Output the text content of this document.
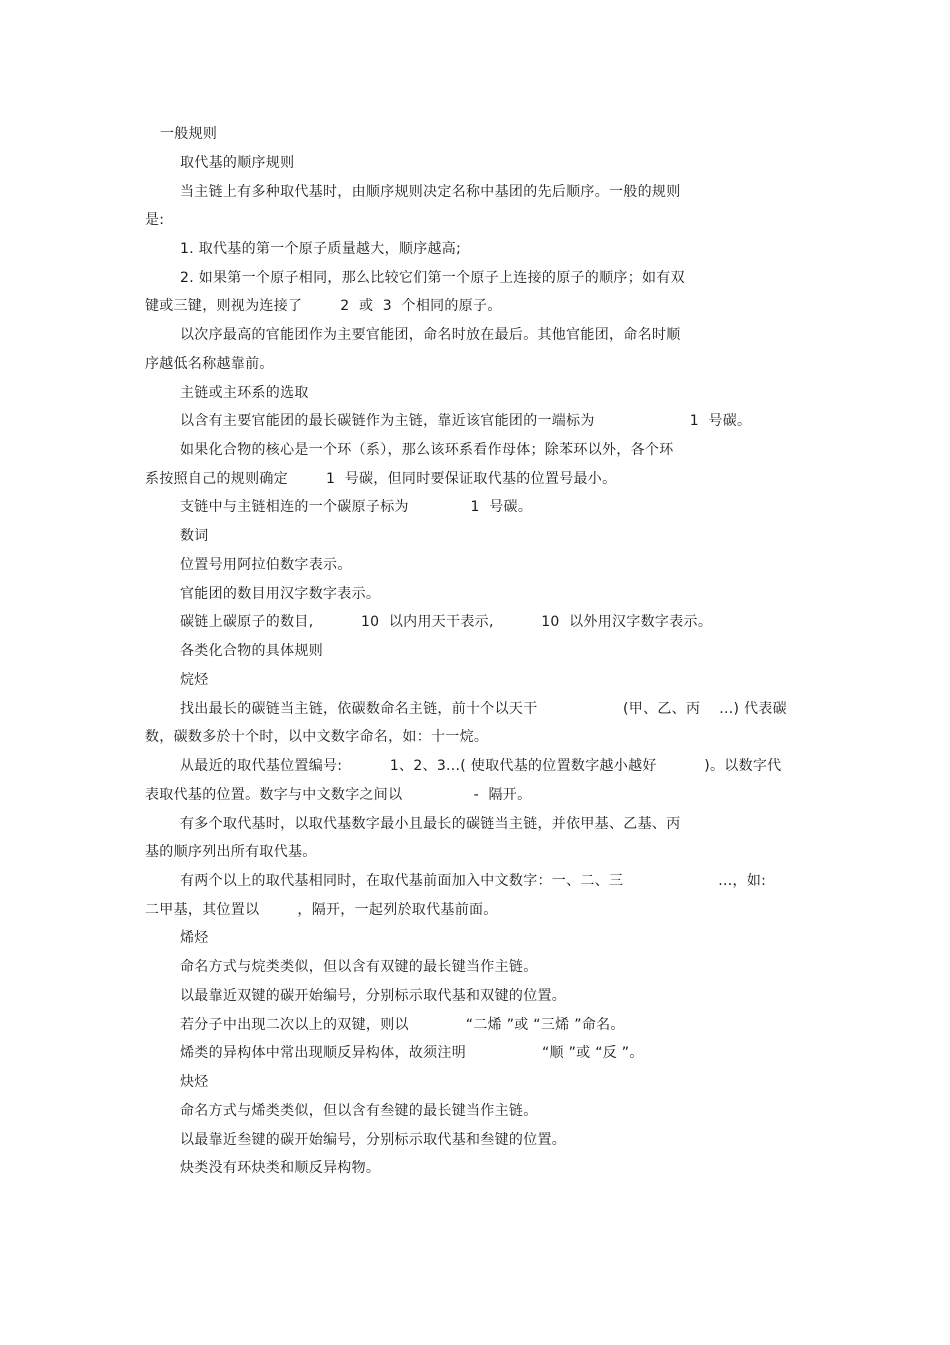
一般规则
取代基的顺序规则
当主链上有多种取代基时，由顺序规则决定名称中基团的先后顺序。一般的规则
是:
1. 取代基的第一个原子质量越大，顺序越高;
2. 如果第一个原子相同，那么比较它们第一个原子上连接的原子的顺序；如有双
键或三键，则视为连接了        2  或  3  个相同的原子。
以次序最高的官能团作为主要官能团，命名时放在最后。其他官能团，命名时顺
序越低名称越靠前。
主链或主环系的选取
以含有主要官能团的最长碳链作为主链，靠近该官能团的一端标为                    1  号碳。
如果化合物的核心是一个环（系），那么该环系看作母体；除苯环以外，各个环
系按照自己的规则确定        1  号碳，但同时要保证取代基的位置号最小。
支链中与主链相连的一个碳原子标为             1  号碳。
数词
位置号用阿拉伯数字表示。
官能团的数目用汉字数字表示。
碳链上碳原子的数目,          10  以内用天干表示,          10  以外用汉字数字表示。
各类化合物的具体规则
烷烃
找出最长的碳链当主链，依碳数命名主链，前十个以天干                  (甲、乙、丙    ...) 代表碳
数，碳数多於十个时，以中文数字命名，如：十一烷。
从最近的取代基位置编号:          1、2、3...( 使取代基的位置数字越小越好          )。以数字代
表取代基的位置。数字与中文数字之间以               -  隔开。
有多个取代基时，以取代基数字最小且最长的碳链当主链，并依甲基、乙基、丙
基的顺序列出所有取代基。
有两个以上的取代基相同时，在取代基前面加入中文数字：一、二、三                    ...，如:
二甲基，其位置以        ，隔开，一起列於取代基前面。
烯烃
命名方式与烷类类似，但以含有双键的最长键当作主链。
以最靠近双键的碳开始编号，分别标示取代基和双键的位置。
若分子中出现二次以上的双键，则以            “二烯 ”或 “三烯 ”命名。
烯类的异构体中常出现顺反异构体，故须注明                “顺 ”或 “反 ”。
炔烃
命名方式与烯类类似，但以含有叁键的最长键当作主链。
以最靠近叁键的碳开始编号，分别标示取代基和叁键的位置。
炔类没有环炔类和顺反异构物。
